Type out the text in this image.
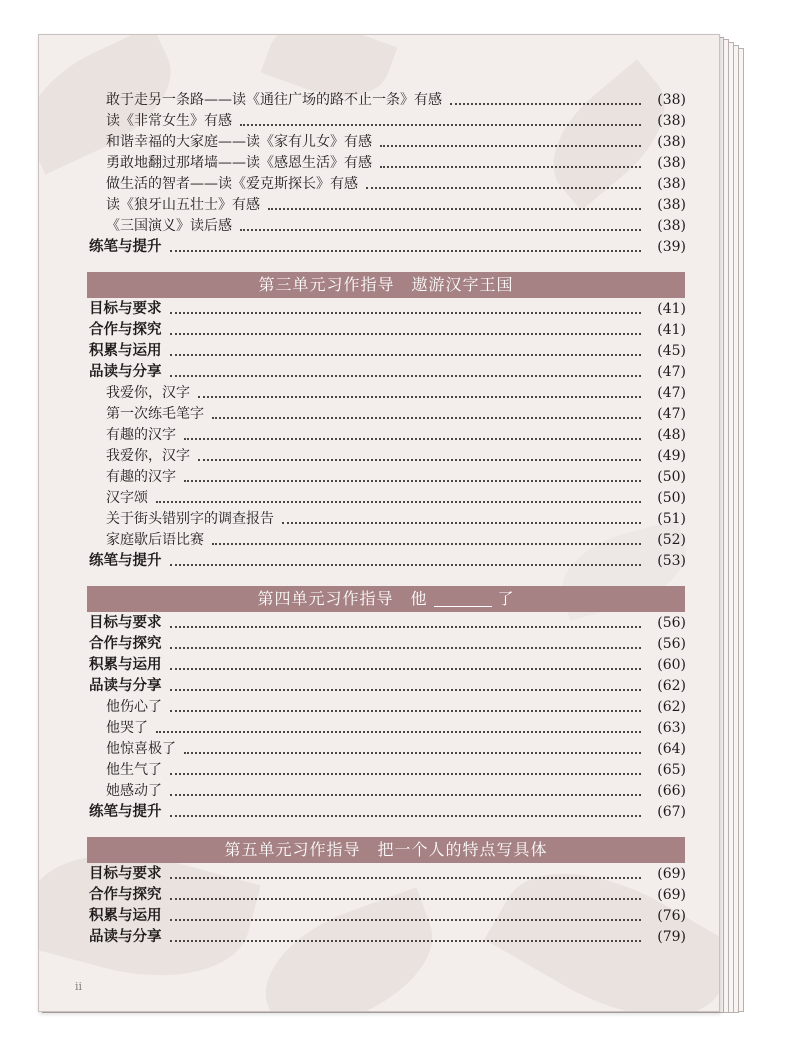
敢于走另一条路——读《通往广场的路不止一条》有感	(38)
读《非常女生》有感	(38)
和谐幸福的大家庭——读《家有儿女》有感	(38)
勇敢地翻过那堵墙——读《感恩生活》有感	(38)
做生活的智者——读《爱克斯探长》有感	(38)
读《狼牙山五壮士》有感	(38)
《三国演义》读后感	(38)
练笔与提升	(39)
第三单元习作指导　遨游汉字王国
目标与要求	(41)
合作与探究	(41)
积累与运用	(45)
品读与分享	(47)
我爱你，汉字	(47)
第一次练毛笔字	(47)
有趣的汉字	(48)
我爱你，汉字	(49)
有趣的汉字	(50)
汉字颂	(50)
关于街头错别字的调查报告	(51)
家庭歇后语比赛	(52)
练笔与提升	(53)
第四单元习作指导　他	了
目标与要求	(56)
合作与探究	(56)
积累与运用	(60)
品读与分享	(62)
他伤心了	(62)
他哭了	(63)
他惊喜极了	(64)
他生气了	(65)
她感动了	(66)
练笔与提升	(67)
第五单元习作指导　把一个人的特点写具体
目标与要求	(69)
合作与探究	(69)
积累与运用	(76)
品读与分享	(79)
ii
